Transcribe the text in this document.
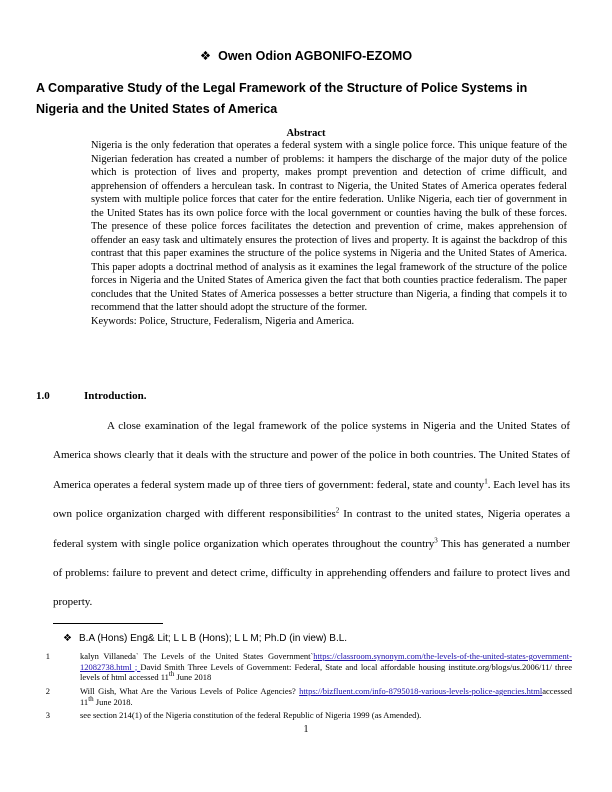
❖ Owen Odion AGBONIFO-EZOMO
A Comparative Study of the Legal Framework of the Structure of Police Systems in Nigeria and the United States of America
Abstract

Nigeria is the only federation that operates a federal system with a single police force. This unique feature of the Nigerian federation has created a number of problems: it hampers the discharge of the major duty of the police which is protection of lives and property, makes prompt prevention and detection of crime difficult, and apprehension of offenders a herculean task. In contrast to Nigeria, the United States of America operates federal system with multiple police forces that cater for the entire federation. Unlike Nigeria, each tier of government in the United States has its own police force with the local government or counties having the bulk of these forces. The presence of these police forces facilitates the detection and prevention of crime, makes apprehension of offender an easy task and ultimately ensures the protection of lives and property. It is against the backdrop of this contrast that this paper examines the structure of the police systems in Nigeria and the United States of America. This paper adopts a doctrinal method of analysis as it examines the legal framework of the structure of the police forces in Nigeria and the United States of America given the fact that both counties practice federalism. The paper concludes that the United States of America possesses a better structure than Nigeria, a finding that compels it to recommend that the latter should adopt the structure of the former.

Keywords: Police, Structure, Federalism, Nigeria and America.

1.0	Introduction.

A close examination of the legal framework of the police systems in Nigeria and the United States of America shows clearly that it deals with the structure and power of the police in both countries. The United States of America operates a federal system made up of three tiers of government: federal, state and county$^1$. Each level has its own police organization charged with different responsibilities$^2$ In contrast to the united states, Nigeria operates a federal system with single police organization which operates throughout the country$^3$ This has generated a number of problems: failure to prevent and detect crime, difficulty in apprehending offenders and failure to protect lives and property.

❖ B.A (Hons) Eng& Lit; L L B (Hons); L L M; Ph.D (in view) B.L.
1	kalyn Villaneda` The Levels of the United States Government`https://classroom.synonym.com/the-levels-of-the-united-states-government-12082738.html ; David Smith Three Levels of Government: Federal, State and local affordable housing institute.org/blogs/us.2006/11/ three levels of html accessed 11th June 2018
2	Will Gish, What Are the Various Levels of Police Agencies? https://bizfluent.com/info-8795018-various-levels-police-agencies.htmlaccessed 11th June 2018.
3	see section 214(1) of the Nigeria constitution of the federal Republic of Nigeria 1999 (as Amended).
1
